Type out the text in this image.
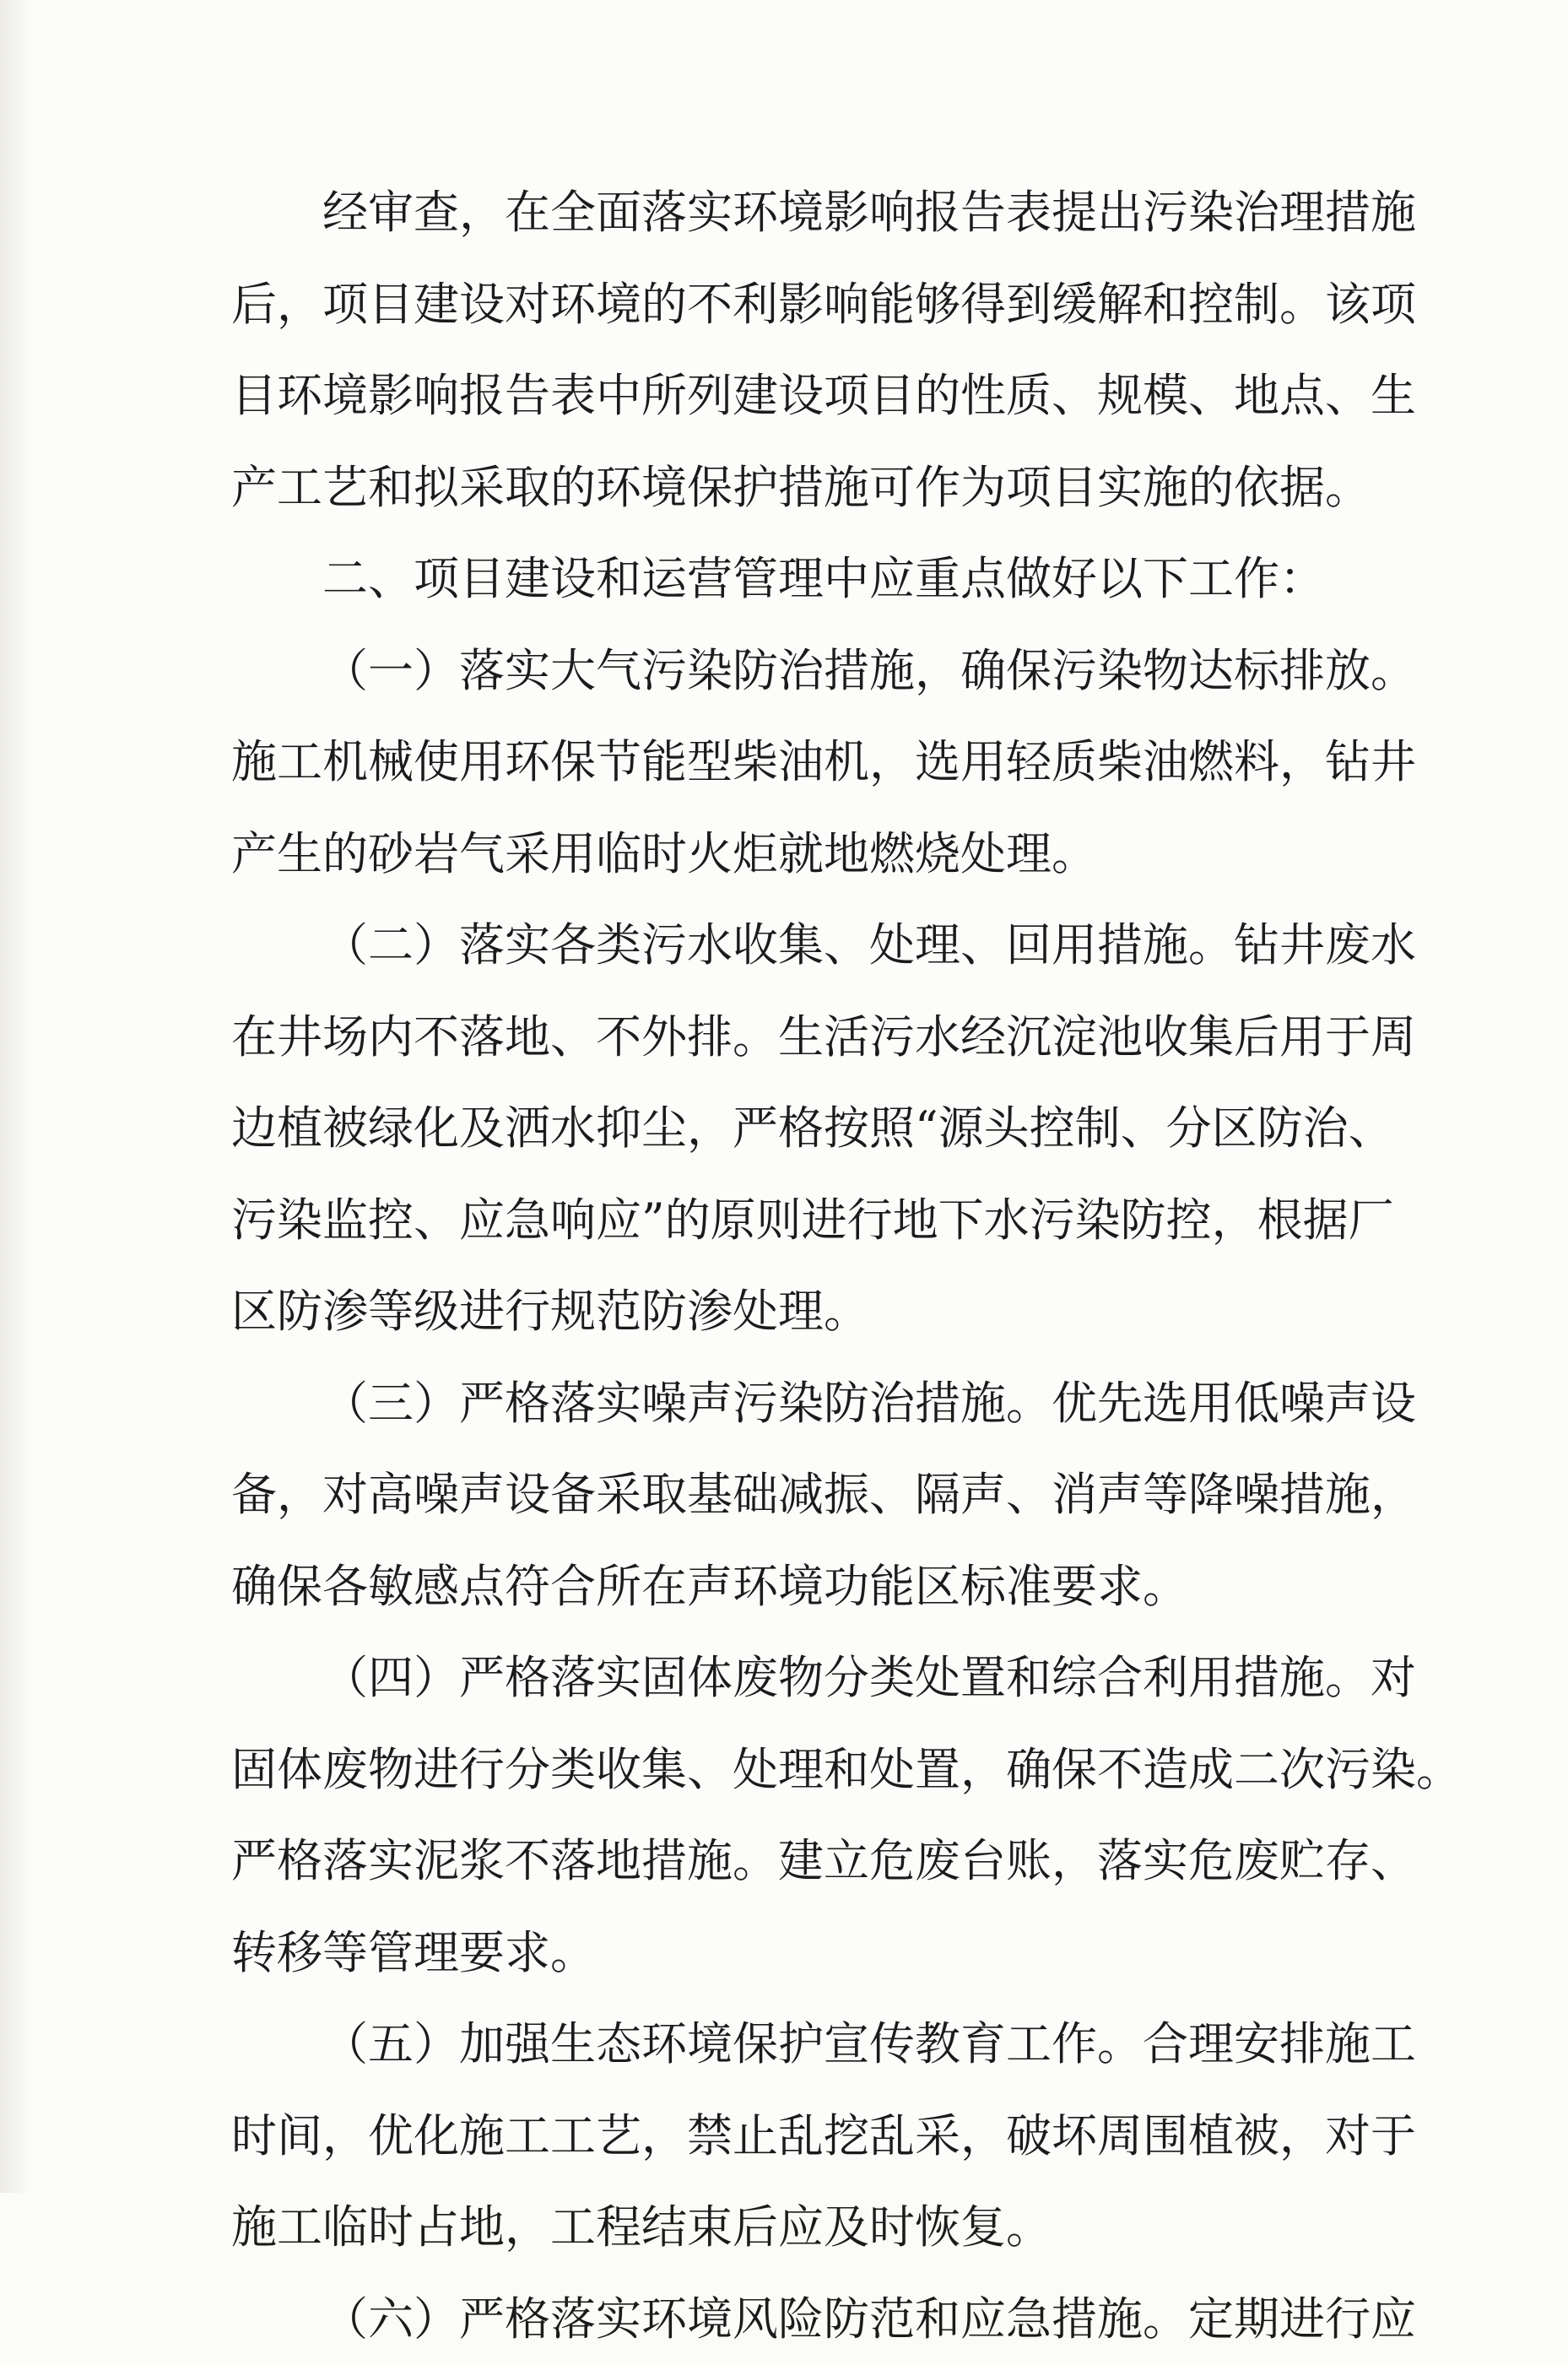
经审查，在全面落实环境影响报告表提出污染治理措施
后，项目建设对环境的不利影响能够得到缓解和控制。该项
目环境影响报告表中所列建设项目的性质、规模、地点、生
产工艺和拟采取的环境保护措施可作为项目实施的依据。
二、项目建设和运营管理中应重点做好以下工作：
（一）落实大气污染防治措施，确保污染物达标排放。
施工机械使用环保节能型柴油机，选用轻质柴油燃料，钻井
产生的砂岩气采用临时火炬就地燃烧处理。
（二）落实各类污水收集、处理、回用措施。钻井废水
在井场内不落地、不外排。生活污水经沉淀池收集后用于周
边植被绿化及洒水抑尘，严格按照“源头控制、分区防治、
污染监控、应急响应”的原则进行地下水污染防控，根据厂
区防渗等级进行规范防渗处理。
（三）严格落实噪声污染防治措施。优先选用低噪声设
备，对高噪声设备采取基础减振、隔声、消声等降噪措施，
确保各敏感点符合所在声环境功能区标准要求。
（四）严格落实固体废物分类处置和综合利用措施。对
固体废物进行分类收集、处理和处置，确保不造成二次污染。
严格落实泥浆不落地措施。建立危废台账，落实危废贮存、
转移等管理要求。
（五）加强生态环境保护宣传教育工作。合理安排施工
时间，优化施工工艺，禁止乱挖乱采，破坏周围植被，对于
施工临时占地，工程结束后应及时恢复。
（六）严格落实环境风险防范和应急措施。定期进行应
